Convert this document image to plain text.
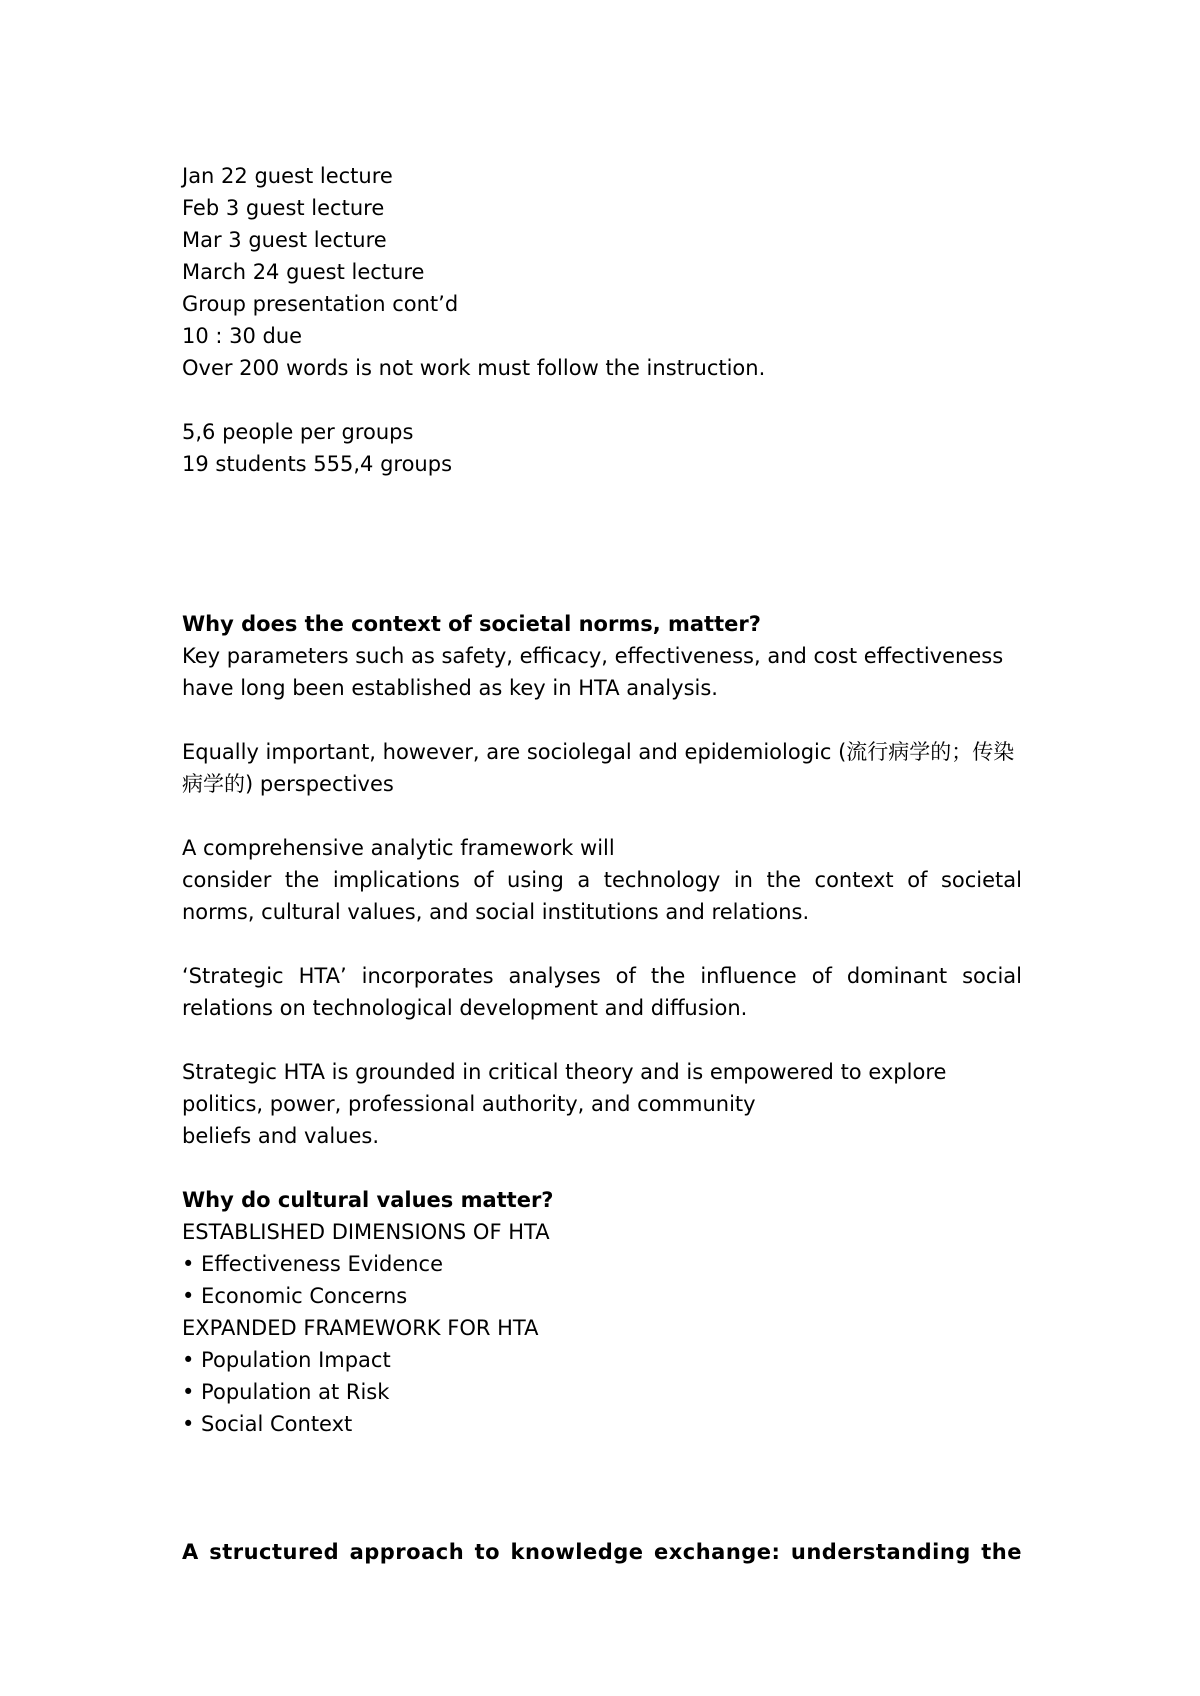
Jan 22 guest lecture
Feb 3 guest lecture
Mar 3 guest lecture
March 24 guest lecture
Group presentation cont’d
10 : 30 due
Over 200 words is not work must follow the instruction.
5,6 people per groups
19 students 555,4 groups
Why does the context of societal norms, matter?
Key parameters such as safety, efficacy, effectiveness, and cost effectiveness have long been established as key in HTA analysis.
Equally important, however, are sociolegal and epidemiologic (流行病学的；传染病学的) perspectives
A comprehensive analytic framework will
consider the implications of using a technology in the context of societal norms, cultural values, and social institutions and relations.
‘Strategic HTA’ incorporates analyses of the influence of dominant social relations on technological development and diffusion.
Strategic HTA is grounded in critical theory and is empowered to explore
politics, power, professional authority, and community
beliefs and values.
Why do cultural values matter?
ESTABLISHED DIMENSIONS OF HTA
• Effectiveness Evidence
• Economic Concerns
EXPANDED FRAMEWORK FOR HTA
• Population Impact
• Population at Risk
• Social Context
A structured approach to knowledge exchange: understanding the
